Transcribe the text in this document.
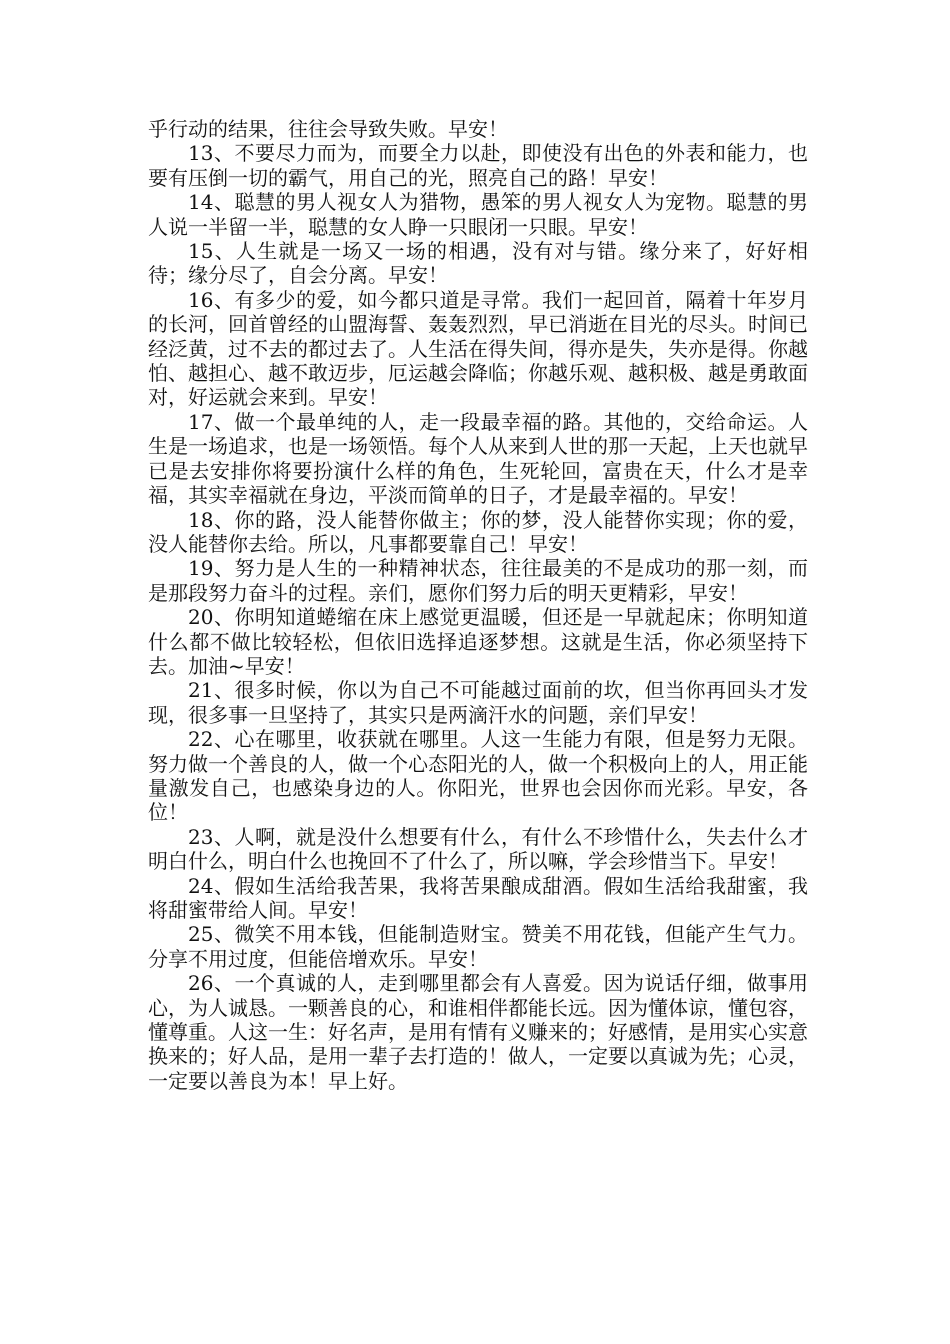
乎行动的结果，往往会导致失败。早安！

13、不要尽力而为，而要全力以赴，即使没有出色的外表和能力，也要有压倒一切的霸气，用自己的光，照亮自己的路！早安！

14、聪慧的男人视女人为猎物，愚笨的男人视女人为宠物。聪慧的男人说一半留一半，聪慧的女人睁一只眼闭一只眼。早安！

15、人生就是一场又一场的相遇，没有对与错。缘分来了，好好相待；缘分尽了，自会分离。早安！

16、有多少的爱，如今都只道是寻常。我们一起回首，隔着十年岁月的长河，回首曾经的山盟海誓、轰轰烈烈，早已消逝在目光的尽头。时间已经泛黄，过不去的都过去了。人生活在得失间，得亦是失，失亦是得。你越怕、越担心、越不敢迈步，厄运越会降临；你越乐观、越积极、越是勇敢面对，好运就会来到。早安！

17、做一个最单纯的人，走一段最幸福的路。其他的，交给命运。人生是一场追求，也是一场领悟。每个人从来到人世的那一天起，上天也就早已是去安排你将要扮演什么样的角色，生死轮回，富贵在天，什么才是幸福，其实幸福就在身边，平淡而简单的日子，才是最幸福的。早安！

18、你的路，没人能替你做主；你的梦，没人能替你实现；你的爱，没人能替你去给。所以，凡事都要靠自己！早安！

19、努力是人生的一种精神状态，往往最美的不是成功的那一刻，而是那段努力奋斗的过程。亲们，愿你们努力后的明天更精彩，早安！

20、你明知道蜷缩在床上感觉更温暖，但还是一早就起床；你明知道什么都不做比较轻松，但依旧选择追逐梦想。这就是生活，你必须坚持下去。加油~早安！

21、很多时候，你以为自己不可能越过面前的坎，但当你再回头才发现，很多事一旦坚持了，其实只是两滴汗水的问题，亲们早安！

22、心在哪里，收获就在哪里。人这一生能力有限，但是努力无限。努力做一个善良的人，做一个心态阳光的人，做一个积极向上的人，用正能量激发自己，也感染身边的人。你阳光，世界也会因你而光彩。早安，各位！

23、人啊，就是没什么想要有什么，有什么不珍惜什么，失去什么才明白什么，明白什么也挽回不了什么了，所以嘛，学会珍惜当下。早安！

24、假如生活给我苦果，我将苦果酿成甜酒。假如生活给我甜蜜，我将甜蜜带给人间。早安！

25、微笑不用本钱，但能制造财宝。赞美不用花钱，但能产生气力。分享不用过度，但能倍增欢乐。早安！

26、一个真诚的人，走到哪里都会有人喜爱。因为说话仔细，做事用心，为人诚恳。一颗善良的心，和谁相伴都能长远。因为懂体谅，懂包容，懂尊重。人这一生：好名声，是用有情有义赚来的；好感情，是用实心实意换来的；好人品，是用一辈子去打造的！做人，一定要以真诚为先；心灵，一定要以善良为本！早上好。
